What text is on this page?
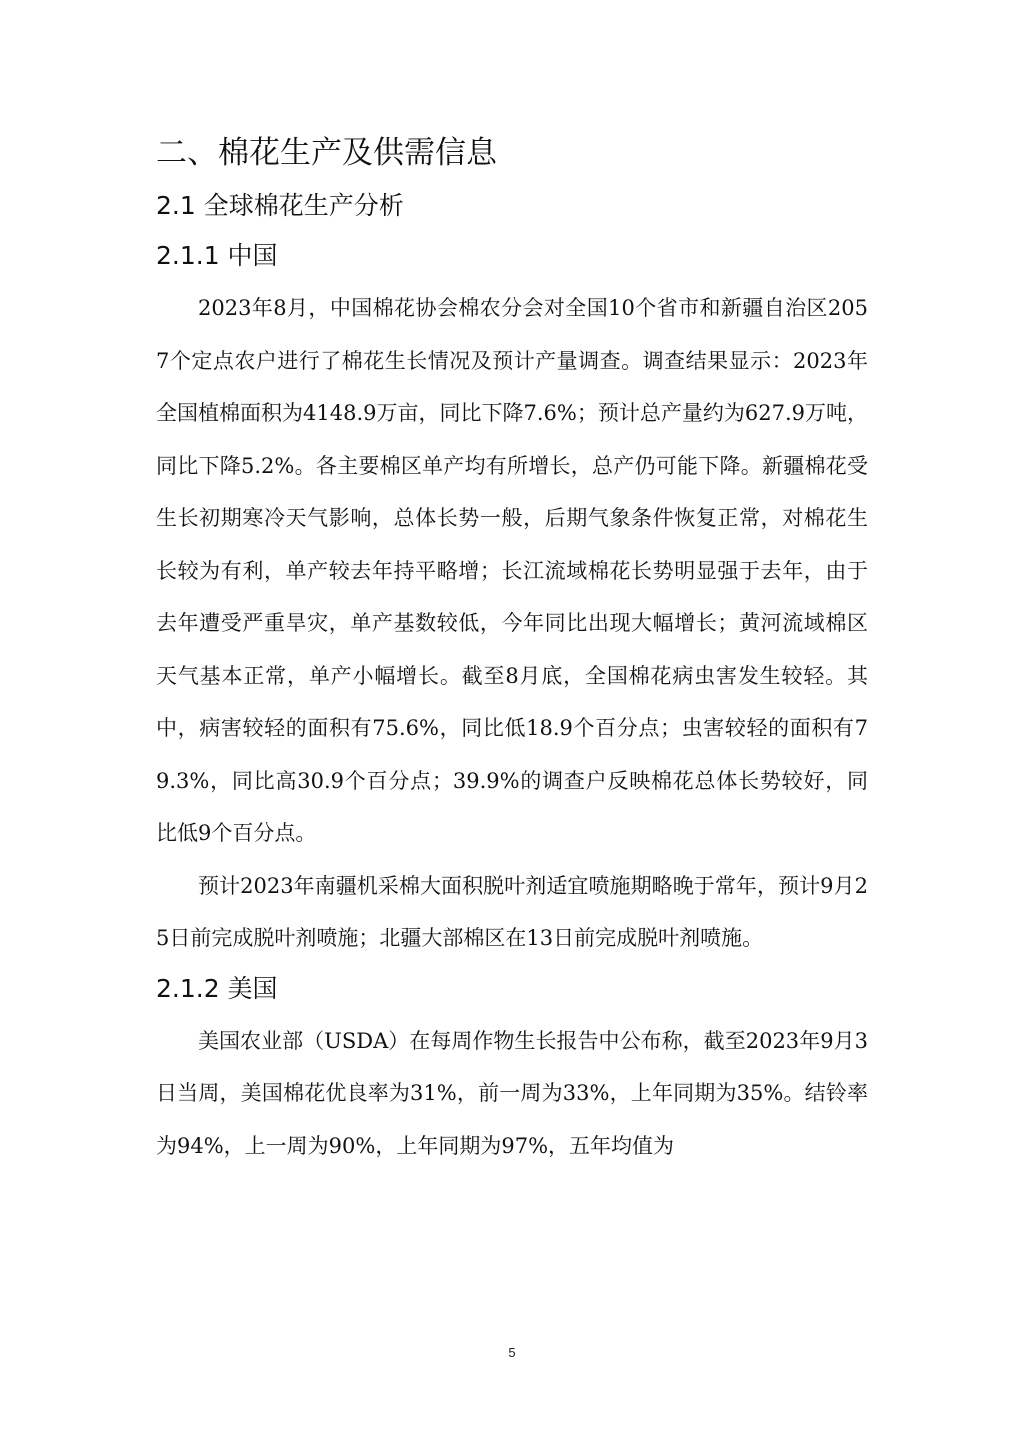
二、棉花生产及供需信息
2.1 全球棉花生产分析
2.1.1 中国

2023年8月，中国棉花协会棉农分会对全国10个省市和新疆自治区2057个定点农户进行了棉花生长情况及预计产量调查。调查结果显示：2023年全国植棉面积为4148.9万亩，同比下降7.6%；预计总产量约为627.9万吨，同比下降5.2%。各主要棉区单产均有所增长，总产仍可能下降。新疆棉花受生长初期寒冷天气影响，总体长势一般，后期气象条件恢复正常，对棉花生长较为有利，单产较去年持平略增；长江流域棉花长势明显强于去年，由于去年遭受严重旱灾，单产基数较低，今年同比出现大幅增长；黄河流域棉区天气基本正常，单产小幅增长。截至8月底，全国棉花病虫害发生较轻。其中，病害较轻的面积有75.6%，同比低18.9个百分点；虫害较轻的面积有79.3%，同比高30.9个百分点；39.9%的调查户反映棉花总体长势较好，同比低9个百分点。

预计2023年南疆机采棉大面积脱叶剂适宜喷施期略晚于常年，预计9月25日前完成脱叶剂喷施；北疆大部棉区在13日前完成脱叶剂喷施。

2.1.2 美国

美国农业部（USDA）在每周作物生长报告中公布称，截至2023年9月3日当周，美国棉花优良率为31%，前一周为33%，上年同期为35%。结铃率为94%，上一周为90%，上年同期为97%，五年均值为

5
